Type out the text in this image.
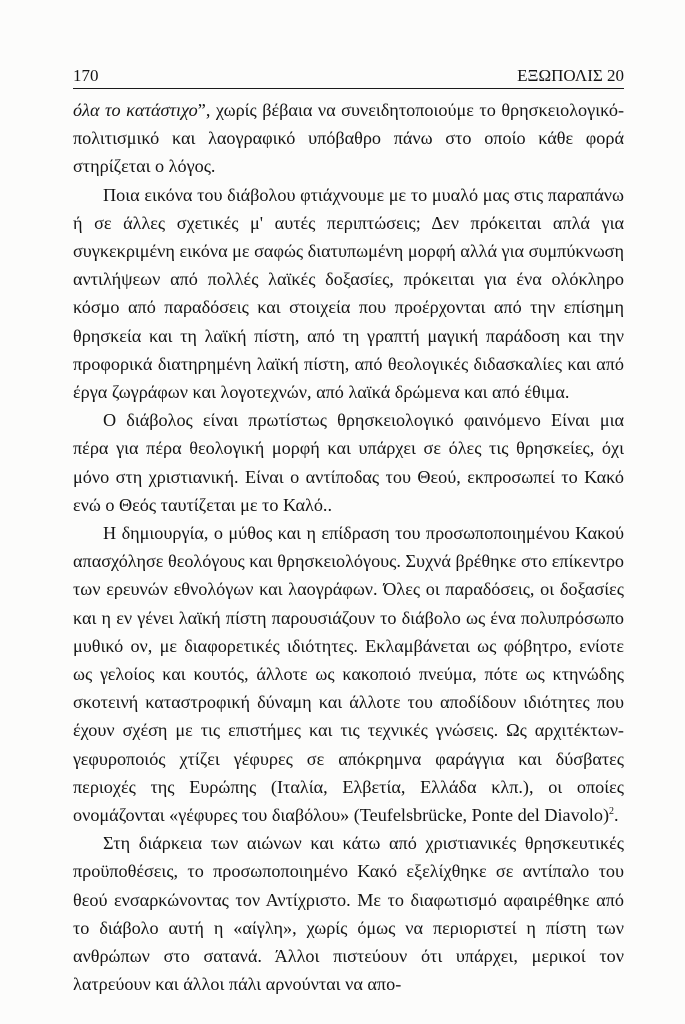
170	ΕΞΩΠΟΛΙΣ 20

όλα το κατάστιχο”, χωρίς βέβαια να συνειδητοποιούμε το θρησκειολογικό-πολιτισμικό και λαογραφικό υπόβαθρο πάνω στο οποίο κάθε φορά στηρίζεται ο λόγος.

Ποια εικόνα του διάβολου φτιάχνουμε με το μυαλό μας στις παραπάνω ή σε άλλες σχετικές μ' αυτές περιπτώσεις; Δεν πρόκειται απλά για συγκεκριμένη εικόνα με σαφώς διατυπωμένη μορφή αλλά για συμπύκνωση αντιλήψεων από πολλές λαϊκές δοξασίες, πρόκειται για ένα ολόκληρο κόσμο από παραδόσεις και στοιχεία που προέρχονται από την επίσημη θρησκεία και τη λαϊκή πίστη, από τη γραπτή μαγική παράδοση και την προφορικά διατηρημένη λαϊκή πίστη, από θεολογικές διδασκαλίες και από έργα ζωγράφων και λογοτεχνών, από λαϊκά δρώμενα και από έθιμα.

Ο διάβολος είναι πρωτίστως θρησκειολογικό φαινόμενο Είναι μια πέρα για πέρα θεολογική μορφή και υπάρχει σε όλες τις θρησκείες, όχι μόνο στη χριστιανική. Είναι ο αντίποδας του Θεού, εκπροσωπεί το Κακό ενώ ο Θεός ταυτίζεται με το Καλό..

Η δημιουργία, ο μύθος και η επίδραση του προσωποποιημένου Κακού απασχόλησε θεολόγους και θρησκειολόγους. Συχνά βρέθηκε στο επίκεντρο των ερευνών εθνολόγων και λαογράφων. Όλες οι παραδόσεις, οι δοξασίες και η εν γένει λαϊκή πίστη παρουσιάζουν το διάβολο ως ένα πολυπρόσωπο μυθικό ον, με διαφορετικές ιδιότητες. Εκλαμβάνεται ως φόβητρο, ενίοτε ως γελοίος και κουτός, άλλοτε ως κακοποιό πνεύμα, πότε ως κτηνώδης σκοτεινή καταστροφική δύναμη και άλλοτε του αποδίδουν ιδιότητες που έχουν σχέση με τις επιστήμες και τις τεχνικές γνώσεις. Ως αρχιτέκτων-γεφυροποιός χτίζει γέφυρες σε απόκρημνα φαράγγια και δύσβατες περιοχές της Ευρώπης (Ιταλία, Ελβετία, Ελλάδα κλπ.), οι οποίες ονομάζονται «γέφυρες του διαβόλου» (Teufelsbrücke, Ponte del Diavolo)$^2$.

Στη διάρκεια των αιώνων και κάτω από χριστιανικές θρησκευτικές προϋποθέσεις, το προσωποποιημένο Κακό εξελίχθηκε σε αντίπαλο του θεού ενσαρκώνοντας τον Αντίχριστο. Με το διαφωτισμό αφαιρέθηκε από το διάβολο αυτή η «αίγλη», χωρίς όμως να περιοριστεί η πίστη των ανθρώπων στο σατανά. Άλλοι πιστεύουν ότι υπάρχει, μερικοί τον λατρεύουν και άλλοι πάλι αρνούνται να απο-
